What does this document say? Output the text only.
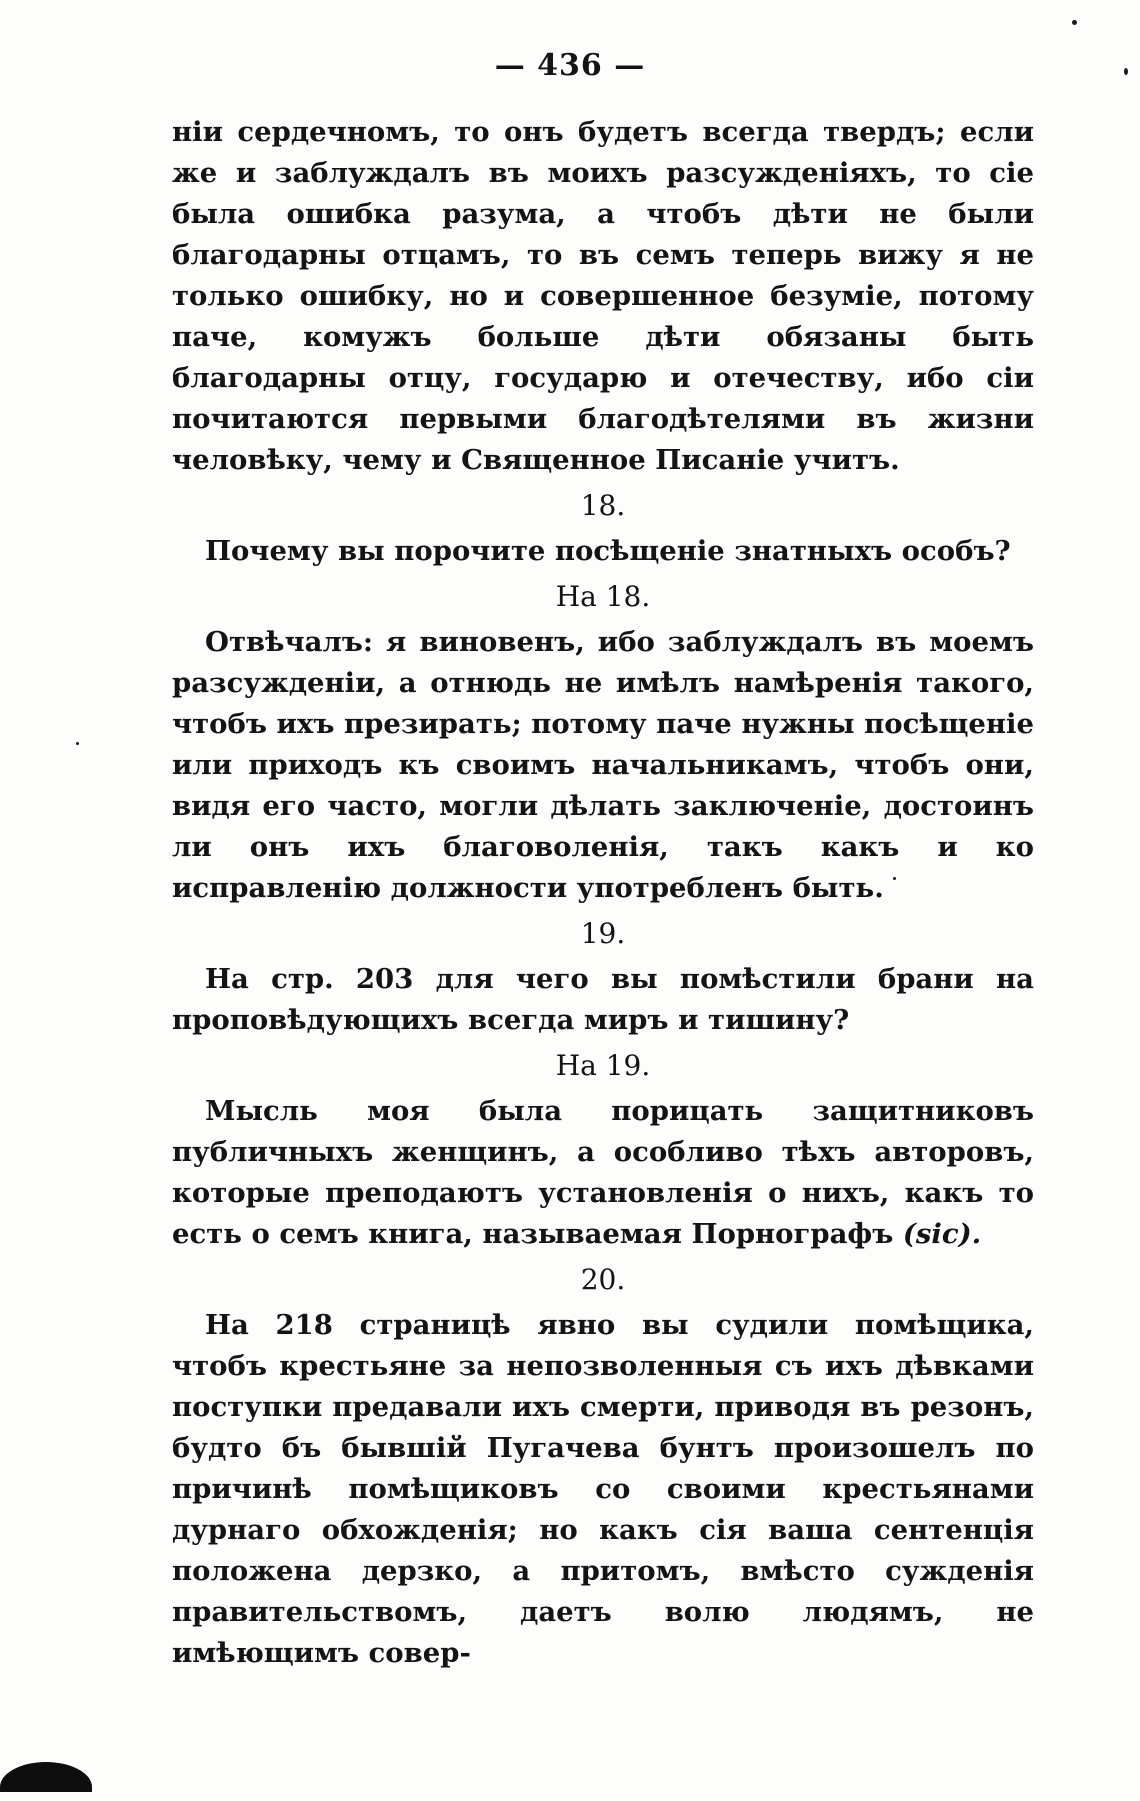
— 436 —

ніи сердечномъ, то онъ будетъ всегда твердъ; если же и заблуждалъ въ моихъ разсужденіяхъ, то сіе была ошибка разума, а чтобъ дѣти не были благодарны отцамъ, то въ семъ теперь вижу я не только ошибку, но и совершенное безуміе, потому паче, комужъ больше дѣти обязаны быть благодарны отцу, государю и отечеству, ибо сіи почитаются первыми благодѣтелями въ жизни человѣку, чему и Священное Писаніе учитъ.

18.

Почему вы порочите посѣщеніе знатныхъ особъ?

На 18.

Отвѣчалъ: я виновенъ, ибо заблуждалъ въ моемъ разсужденіи, а отнюдь не имѣлъ намѣренія такого, чтобъ ихъ презирать; потому паче нужны посѣщеніе или приходъ къ своимъ начальникамъ, чтобъ они, видя его часто, могли дѣлать заключеніе, достоинъ ли онъ ихъ благоволенія, такъ какъ и ко исправленію должности употребленъ быть.

19.

На стр. 203 для чего вы помѣстили брани на проповѣдующихъ всегда миръ и тишину?

На 19.

Мысль моя была порицать защитниковъ публичныхъ женщинъ, а особливо тѣхъ авторовъ, которые преподаютъ установленія о нихъ, какъ то есть о семъ книга, называемая Порнографъ (sic).

20.

На 218 страницѣ явно вы судили помѣщика, чтобъ крестьяне за непозволенныя съ ихъ дѣвками поступки предавали ихъ смерти, приводя въ резонъ, будто бъ бывшій Пугачева бунтъ произошелъ по причинѣ помѣщиковъ со своими крестьянами дурнаго обхожденія; но какъ сія ваша сентенція положена дерзко, а притомъ, вмѣсто сужденія правительствомъ, даетъ волю людямъ, не имѣющимъ совер-
